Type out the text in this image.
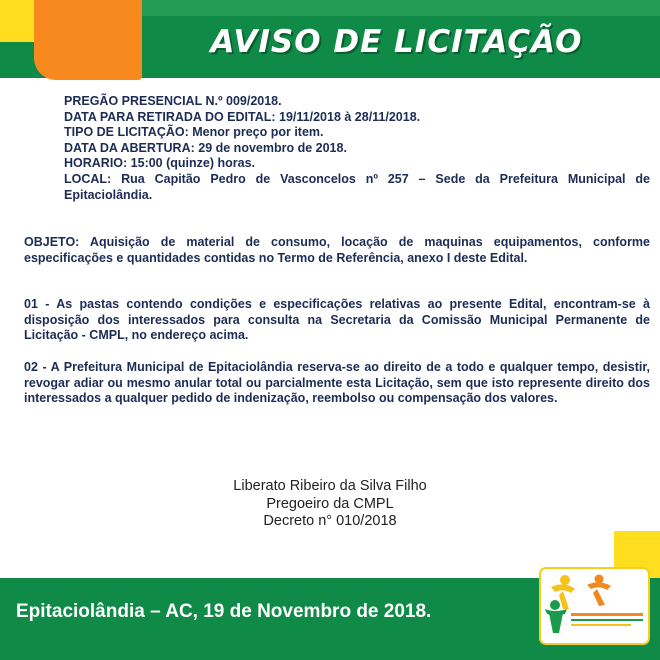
AVISO DE LICITAÇÃO
PREGÃO PRESENCIAL N.º 009/2018.
DATA PARA RETIRADA DO EDITAL: 19/11/2018 à 28/11/2018.
TIPO DE LICITAÇÃO: Menor preço por item.
DATA DA ABERTURA: 29 de novembro de 2018.
HORARIO: 15:00 (quinze) horas.
LOCAL: Rua Capitão Pedro de Vasconcelos nº 257 – Sede da Prefeitura Municipal de Epitaciolândia.

OBJETO: Aquisição de material de consumo, locação de maquinas equipamentos, conforme especificações e quantidades contidas no Termo de Referência, anexo I deste Edital.

01 - As pastas contendo condições e especificações relativas ao presente Edital, encontram-se à disposição dos interessados para consulta na Secretaria da Comissão Municipal Permanente de Licitação - CMPL, no endereço acima.

02 - A Prefeitura Municipal de Epitaciolândia reserva-se ao direito de a todo e qualquer tempo, desistir, revogar adiar ou mesmo anular total ou parcialmente esta Licitação, sem que isto represente direito dos interessados a qualquer pedido de indenização, reembolso ou compensação dos valores.

Liberato Ribeiro da Silva Filho
Pregoeiro da CMPL
Decreto n° 010/2018
Epitaciolândia – AC, 19 de Novembro de 2018.
